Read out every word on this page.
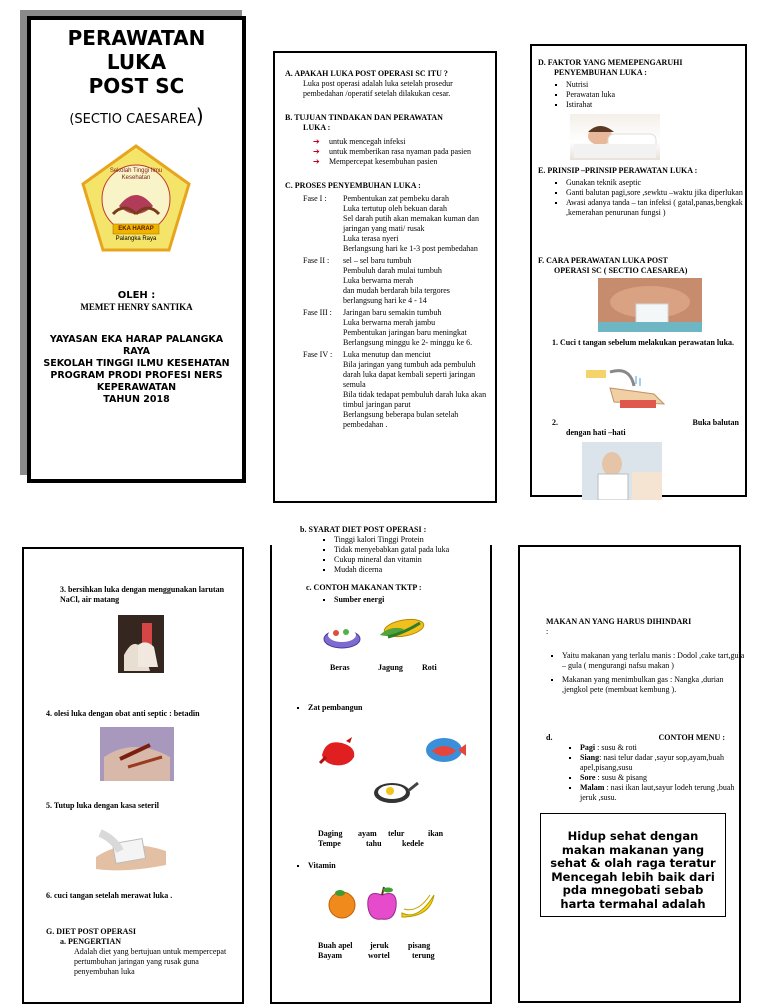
PERAWATAN
LUKA
POST SC
(SECTIO CAESAREA)
Sekolah Tinggi Ilmu Kesehatan
EKA HARAP
Palangka Raya
OLEH :
MEMET HENRY SANTIKA
YAYASAN EKA HARAP PALANGKA
RAYA
SEKOLAH TINGGI ILMU KESEHATAN
PROGRAM PRODI PROFESI NERS
KEPERAWATAN
TAHUN 2018
A. APAKAH LUKA POST OPERASI SC ITU ?
Luka post operasi adalah luka setelah prosedur pembedahan /operatif setelah dilakukan cesar.
B. TUJUAN TINDAKAN DAN PERAWATAN
LUKA :
➔ untuk mencegah infeksi
➔ untuk memberikan rasa nyaman pada pasien
➔ Mempercepat kesembuhan pasien
C. PROSES PENYEMBUHAN LUKA :
Fase I : Pembentukan zat pembeku darah
Luka tertutup oleh bekuan darah
Sel darah putih akan memakan kuman dan jaringan yang mati/ rusak
Luka terasa nyeri
Berlangsung hari ke 1-3 post pembedahan
Fase II : sel – sel baru tumbuh
Pembuluh darah mulai tumbuh
Luka berwarna merah
dan mudah berdarah bila tergores
berlangsung hari ke 4 - 14
Fase III : Jaringan baru semakin tumbuh
Luka berwarna merah jambu
Pembentukan jaringan baru meningkat
Berlangsung minggu ke 2- minggu ke 6.
Fase IV : Luka menutup dan menciut
Bila jaringan yang tumbuh ada pembuluh darah luka dapat kembali seperti jaringan semula
Bila tidak tedapat pembuluh darah luka akan timbul jaringan parut
Berlangsung beberapa bulan setelah pembedahan .
D. FAKTOR YANG MEMEPENGARUHI
PENYEMBUHAN LUKA :
▪ Nutrisi
▪ Perawatan luka
▪ Istirahat
E. PRINSIP –PRINSIP PERAWATAN LUKA :
▪ Gunakan teknik aseptic
▪ Ganti balutan pagi,sore ,sewktu –waktu jika diperlukan
▪ Awasi adanya tanda – tan infeksi ( gatal,panas,bengkak ,kemerahan penurunan fungsi )
F. CARA PERAWATAN LUKA POST
OPERASI SC ( SECTIO CAESAREA)
1. Cuci t tangan sebelum melakukan perawatan luka.
2.	Buka balutan
dengan hati –hati
3. bersihkan luka dengan menggunakan larutan NaCl, air matang
4. olesi luka dengan obat anti septic : betadin
5. Tutup luka dengan kasa seteril
6. cuci tangan setelah merawat luka .
G. DIET POST OPERASI
a. PENGERTIAN
Adalah diet yang bertujuan untuk mempercepat pertumbuhan jaringan yang rusak guna penyembuhan luka
b. SYARAT DIET POST OPERASI :
▪ Tinggi kalori Tinggi Protein
▪ Tidak menyebabkan gatal pada luka
▪ Cukup mineral dan vitamin
▪ Mudah dicerna
c. CONTOH MAKANAN TKTP :
▪ Sumber energi
Beras	Jagung Roti
▪ Zat pembangun
Daging ayam telur	ikan
Tempe	tahu	kedele
▪ Vitamin
Buah apel jeruk pisang
Bayam	wortel	terung
MAKAN AN YANG HARUS DIHINDARI
:
▪ Yaitu makanan yang terlalu manis : Dodol ,cake tart,gula – gula ( mengurangi nafsu makan )
▪ Makanan yang menimbulkan gas : Nangka ,durian ,jengkol pete (membuat kembung ).
d.	CONTOH MENU :
▪ Pagi : susu & roti
▪ Siang: nasi telur dadar ,sayur sop,ayam,buah apel,pisang,susu
▪ Sore : susu & pisang
▪ Malam : nasi ikan laut,sayur lodeh terung ,buah jeruk ,susu.
Hidup sehat dengan
makan makanan yang
sehat & olah raga teratur
Mencegah lebih baik dari
pda mnegobati sebab
harta termahal adalah
